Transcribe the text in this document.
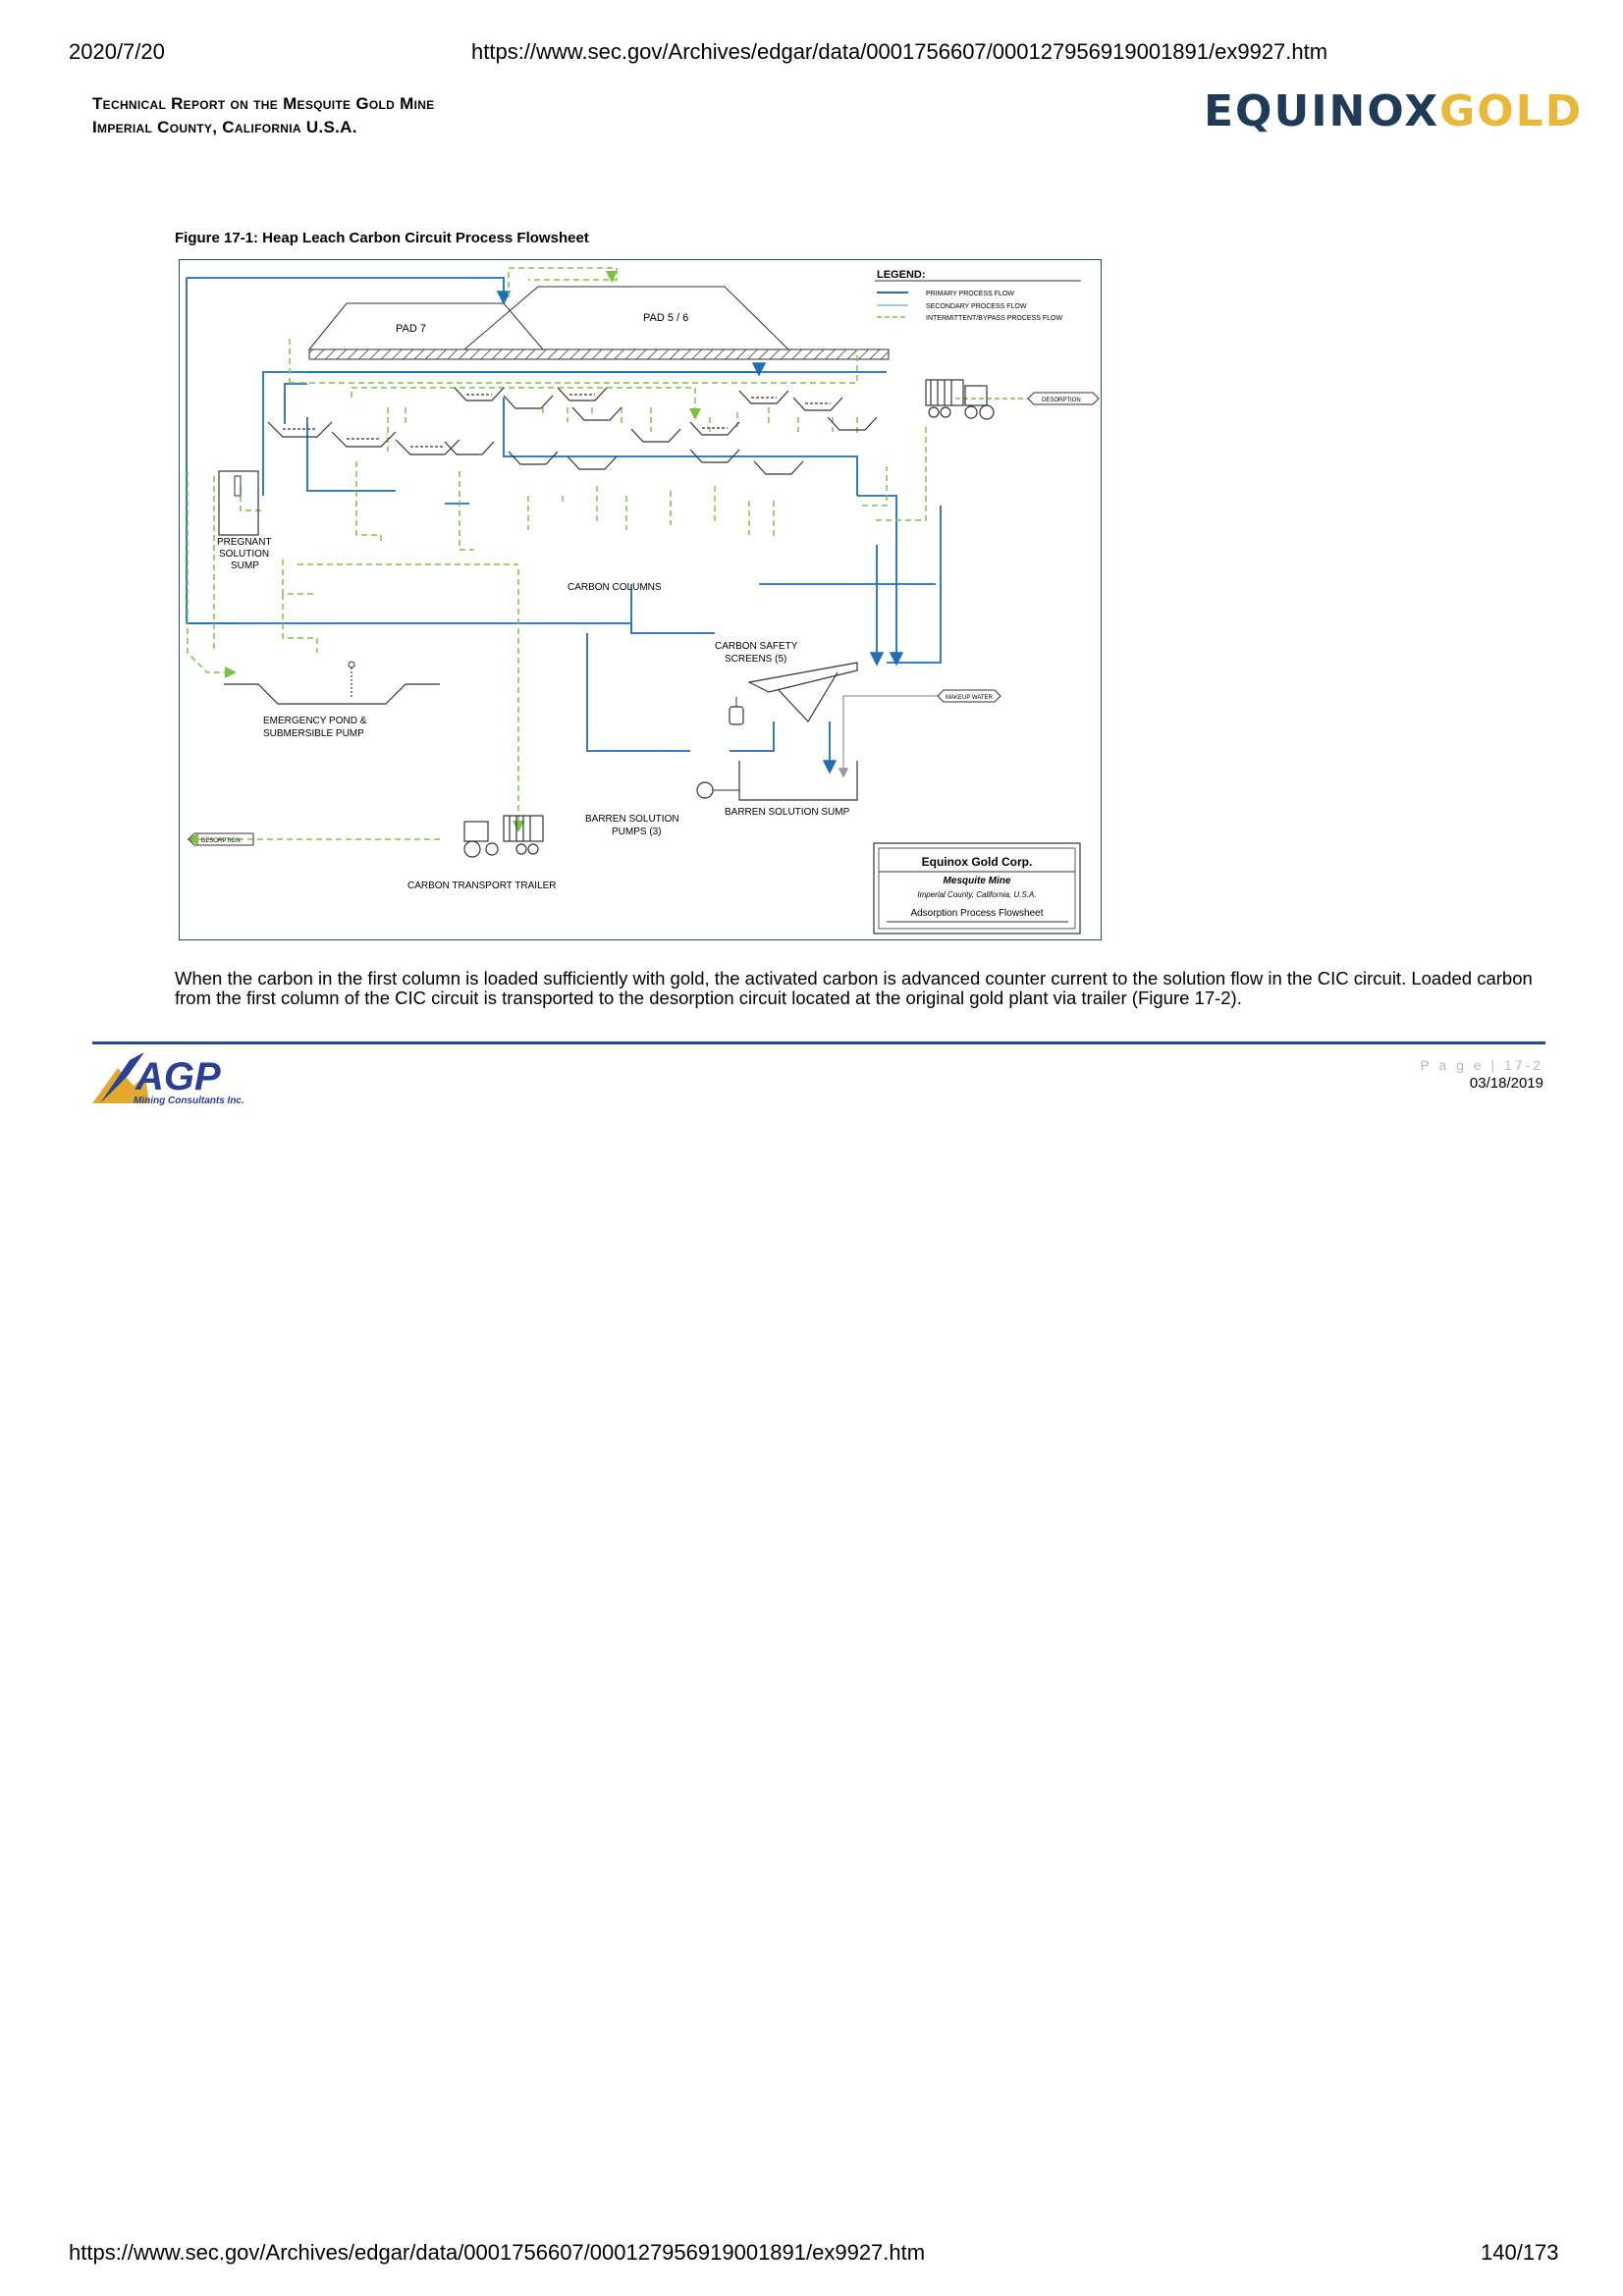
2020/7/20	https://www.sec.gov/Archives/edgar/data/0001756607/000127956919001891/ex9927.htm
Technical Report on the Mesquite Gold Mine
Imperial County, California U.S.A.	EQUINOXGOLD
Figure 17-1: Heap Leach Carbon Circuit Process Flowsheet
LEGEND:
PRIMARY PROCESS FLOW
SECONDARY PROCESS FLOW
INTERMITTENT/BYPASS PROCESS FLOW
PAD 7
PAD 5 / 6
PREGNANT
SOLUTION
SUMP
CARBON COLUMNS
DESORPTION
CARBON SAFETY
SCREENS (5)
MAKEUP WATER
EMERGENCY POND &
SUBMERSIBLE PUMP
BARREN SOLUTION SUMP
BARREN SOLUTION
PUMPS (3)
CARBON TRANSPORT TRAILER
DESORPTION
Equinox Gold Corp.
Mesquite Mine
Imperial County, California, U.S.A.
Adsorption Process Flowsheet
When the carbon in the first column is loaded sufficiently with gold, the activated carbon is advanced counter current to the solution flow in the CIC circuit. Loaded carbon from the first column of the CIC circuit is transported to the desorption circuit located at the original gold plant via trailer (Figure 17-2).
AGP
Mining Consultants Inc.
P a g e | 17-2
03/18/2019
https://www.sec.gov/Archives/edgar/data/0001756607/000127956919001891/ex9927.htm	140/173
